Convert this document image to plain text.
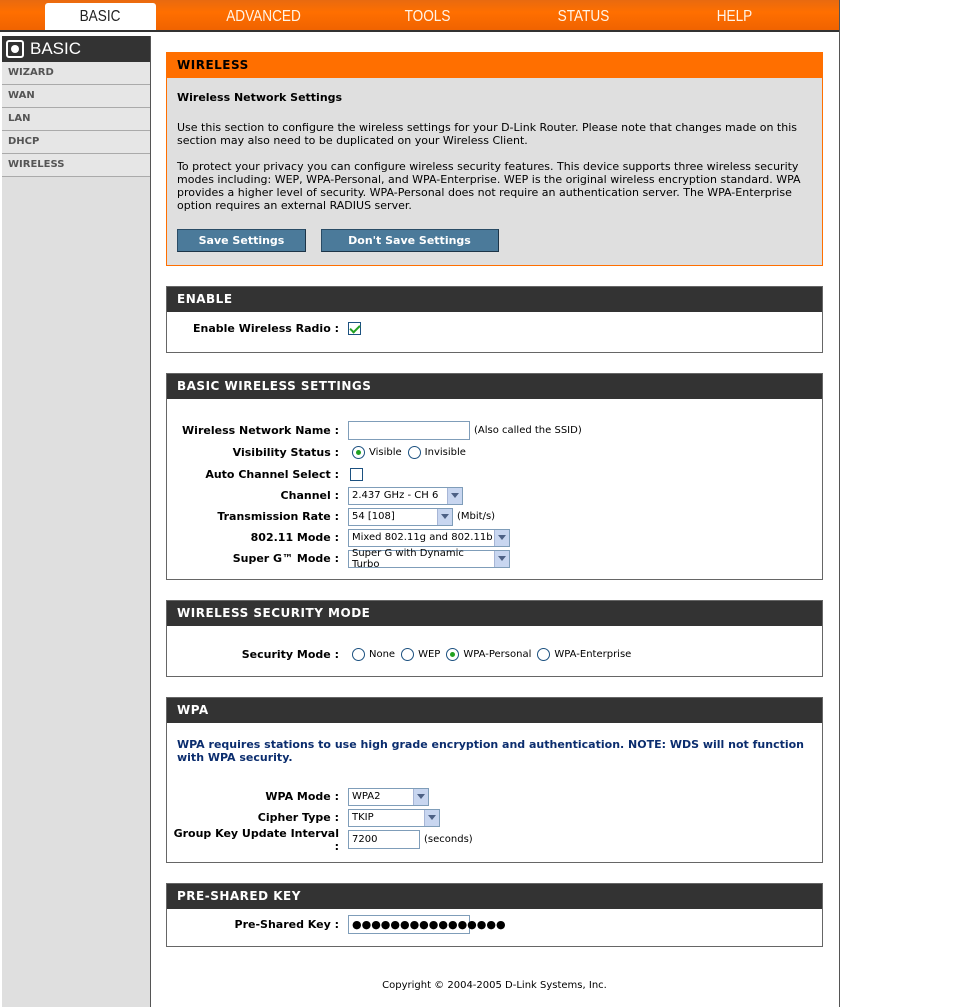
BASIC	ADVANCED	TOOLS	STATUS	HELP
BASIC
WIZARD
WAN
LAN
DHCP
WIRELESS
WIRELESS
Wireless Network Settings

Use this section to configure the wireless settings for your D-Link Router. Please note that changes made on this section may also need to be duplicated on your Wireless Client.

To protect your privacy you can configure wireless security features. This device supports three wireless security modes including: WEP, WPA-Personal, and WPA-Enterprise. WEP is the original wireless encryption standard. WPA provides a higher level of security. WPA-Personal does not require an authentication server. The WPA-Enterprise option requires an external RADIUS server.

Save Settings	Don't Save Settings
ENABLE
Enable Wireless Radio :
BASIC WIRELESS SETTINGS
Wireless Network Name :	(Also called the SSID)
Visibility Status :	Visible Invisible
Auto Channel Select :
Channel :	2.437 GHz - CH 6
Transmission Rate :	54 [108]	(Mbit/s)
802.11 Mode :	Mixed 802.11g and 802.11b
Super G™ Mode :	Super G with Dynamic Turbo
WIRELESS SECURITY MODE
Security Mode :	None WEP WPA-Personal WPA-Enterprise
WPA
WPA requires stations to use high grade encryption and authentication. NOTE: WDS will not function with WPA security.
WPA Mode :	WPA2
Cipher Type :	TKIP
Group Key Update Interval :
7200	(seconds)
PRE-SHARED KEY
Pre-Shared Key :	●●●●●●●●●●●●●●●●
Copyright © 2004-2005 D-Link Systems, Inc.
